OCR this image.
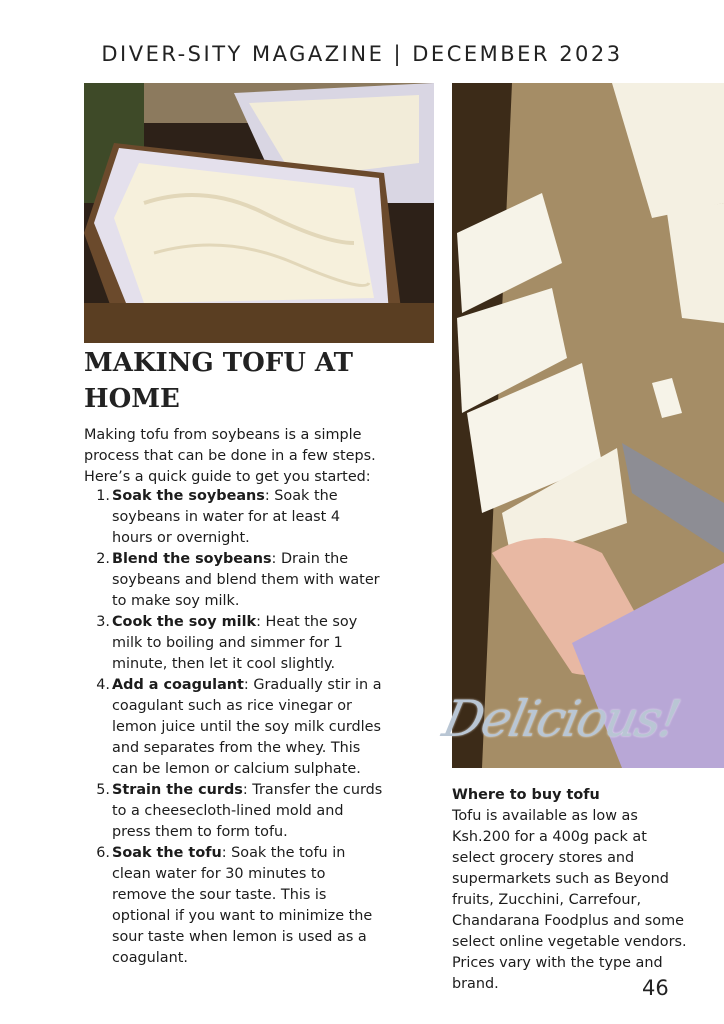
DIVER-SITY MAGAZINE | DECEMBER 2023
Delicious!
MAKING TOFU AT HOME

Making tofu from soybeans is a simple process that can be done in a few steps. Here’s a quick guide to get you started:

1. Soak the soybeans: Soak the soybeans in water for at least 4 hours or overnight.
2. Blend the soybeans: Drain the soybeans and blend them with water to make soy milk.
3. Cook the soy milk: Heat the soy milk to boiling and simmer for 1 minute, then let it cool slightly.
4. Add a coagulant: Gradually stir in a coagulant such as rice vinegar or lemon juice until the soy milk curdles and separates from the whey. This can be lemon or calcium sulphate.
5. Strain the curds: Transfer the curds to a cheesecloth-lined mold and press them to form tofu.
6. Soak the tofu: Soak the tofu in clean water for 30 minutes to remove the sour taste. This is optional if you want to minimize the sour taste when lemon is used as a coagulant.
Where to buy tofu

Tofu is available as low as Ksh.200 for a 400g pack at select grocery stores and supermarkets such as Beyond fruits, Zucchini, Carrefour, Chandarana Foodplus and some select online vegetable vendors. Prices vary with the type and brand.	46
